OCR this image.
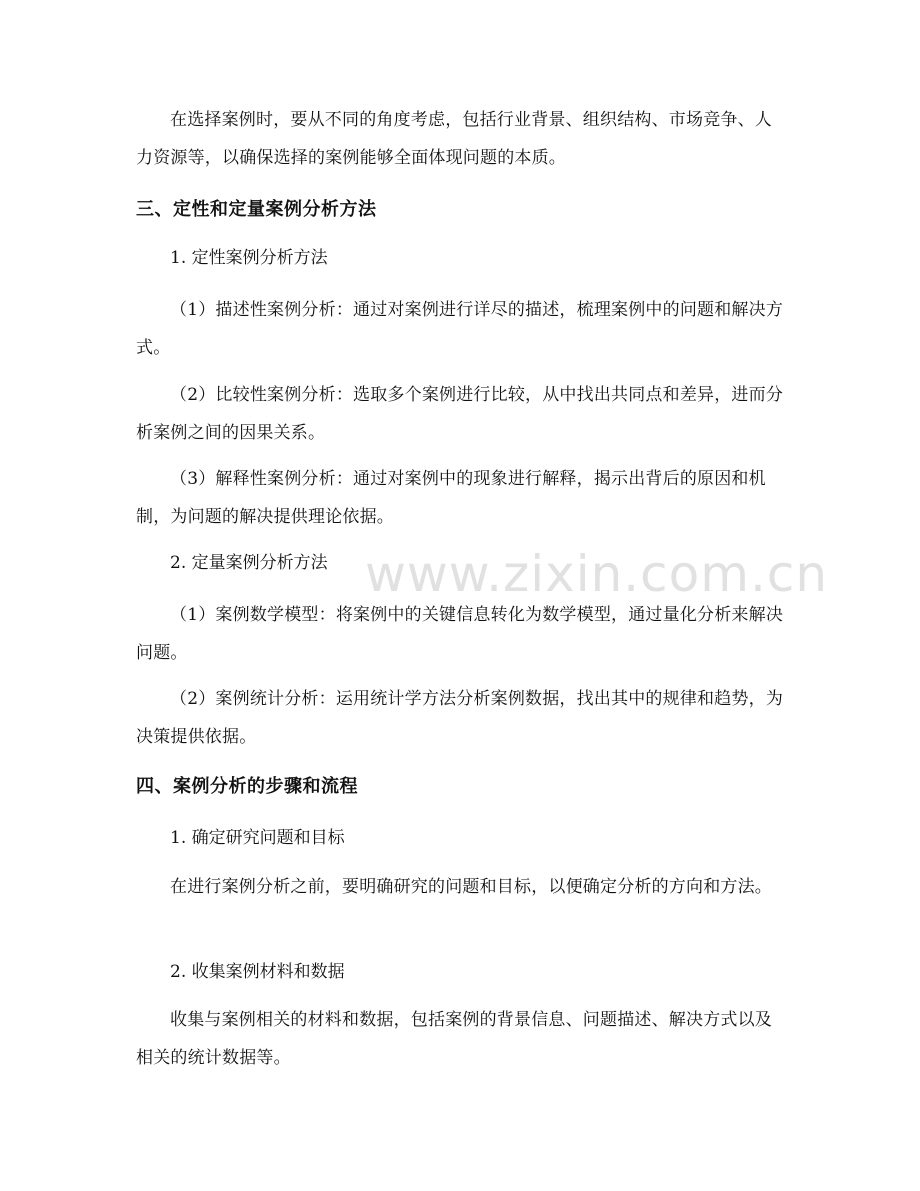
在选择案例时，要从不同的角度考虑，包括行业背景、组织结构、市场竞争、人力资源等，以确保选择的案例能够全面体现问题的本质。

三、定性和定量案例分析方法

1. 定性案例分析方法

（1）描述性案例分析：通过对案例进行详尽的描述，梳理案例中的问题和解决方式。

（2）比较性案例分析：选取多个案例进行比较，从中找出共同点和差异，进而分析案例之间的因果关系。

（3）解释性案例分析：通过对案例中的现象进行解释，揭示出背后的原因和机制，为问题的解决提供理论依据。

2. 定量案例分析方法

（1）案例数学模型：将案例中的关键信息转化为数学模型，通过量化分析来解决问题。

（2）案例统计分析：运用统计学方法分析案例数据，找出其中的规律和趋势，为决策提供依据。

四、案例分析的步骤和流程

1. 确定研究问题和目标

在进行案例分析之前，要明确研究的问题和目标，以便确定分析的方向和方法。

2. 收集案例材料和数据

收集与案例相关的材料和数据，包括案例的背景信息、问题描述、解决方式以及相关的统计数据等。

www.zixin.com.cn
